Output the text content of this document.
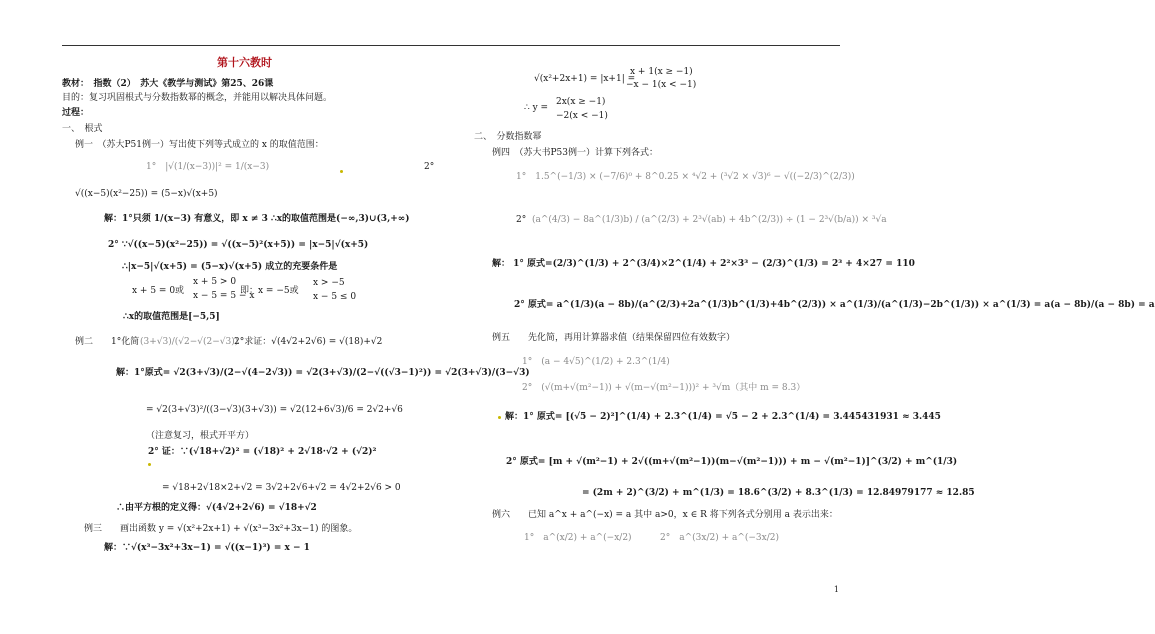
第十六教时
教材：　指数（2）　苏大《教学与测试》第25、26课
目的：复习巩固根式与分数指数幂的概念，并能用以解决具体问题。
过程：
一、　根式
例一　（苏大P51例一）写出使下列等式成立的 x 的取值范围：
1°　|√(1/(x−3))|² = 1/(x−3)	2°
√((x−5)(x²−25)) = (5−x)√(x+5)
解：1°只须 1/(x−3) 有意义，即 x ≠ 3 ∴x的取值范围是(−∞,3)∪(3,+∞)
2° ∵√((x−5)(x²−25)) = √((x−5)²(x+5)) = |x−5|√(x+5)
∴|x−5|√(x+5) = (5−x)√(x+5) 成立的充要条件是
x + 5 = 0或
x + 5 > 0
x − 5 = 5 − x
即：x = −5或
x > −5
x − 5 ≤ 0
∴x的取值范围是[−5,5]
例二　　1°化简 (3+√3)/(√2−√(2−√3))
2°求证：√(4√2+2√6) = √(18)+√2
解：1°原式= √2(3+√3)/(2−√(4−2√3)) = √2(3+√3)/(2−√((√3−1)²)) = √2(3+√3)/(3−√3)
= √2(3+√3)²/((3−√3)(3+√3)) = √2(12+6√3)/6 = 2√2+√6
（注意复习，根式开平方）
2° 证：∵(√18+√2)² = (√18)² + 2√18·√2 + (√2)²
= √18+2√18×2+√2 = 3√2+2√6+√2 = 4√2+2√6 > 0
∴由平方根的定义得：√(4√2+2√6) = √18+√2
例三　　画出函数 y = √(x²+2x+1) + √(x³−3x²+3x−1) 的图象。
解：∵√(x³−3x²+3x−1) = √((x−1)³) = x − 1
√(x²+2x+1) = |x+1| =
x + 1(x ≥ −1)
−x − 1(x < −1)
∴ y =
2x(x ≥ −1)
−2(x < −1)
二、　分数指数幂
例四　（苏大书P53例一）计算下列各式：
1°　1.5^(−1/3) × (−7/6)⁰ + 8^0.25 × ⁴√2 + (³√2 × √3)⁶ − √((−2/3)^(2/3))
2° (a^(4/3) − 8a^(1/3)b) / (a^(2/3) + 2³√(ab) + 4b^(2/3)) ÷ (1 − 2³√(b/a)) × ³√a
解： 1° 原式=(2/3)^(1/3) + 2^(3/4)×2^(1/4) + 2²×3³ − (2/3)^(1/3) = 2³ + 4×27 = 110
2° 原式= a^(1/3)(a − 8b)/(a^(2/3)+2a^(1/3)b^(1/3)+4b^(2/3)) × a^(1/3)/(a^(1/3)−2b^(1/3)) × a^(1/3) = a(a − 8b)/(a − 8b) = a
例五　　先化简，再用计算器求值（结果保留四位有效数字）
1°　(a − 4√5)^(1/2) + 2.3^(1/4)
2°　(√(m+√(m²−1)) + √(m−√(m²−1)))² + ³√m（其中 m = 8.3）
解：1° 原式= [(√5 − 2)²]^(1/4) + 2.3^(1/4) = √5 − 2 + 2.3^(1/4) = 3.445431931 ≈ 3.445
2° 原式= [m + √(m²−1) + 2√((m+√(m²−1))(m−√(m²−1))) + m − √(m²−1)]^(3/2) + m^(1/3)
= (2m + 2)^(3/2) + m^(1/3) = 18.6^(3/2) + 8.3^(1/3) = 12.84979177 ≈ 12.85
例六　　已知 a^x + a^(−x) = a 其中 a>0，x ∈ R 将下列各式分别用 a 表示出来：
1°　a^(x/2) + a^(−x/2)	2°　a^(3x/2) + a^(−3x/2)
1
